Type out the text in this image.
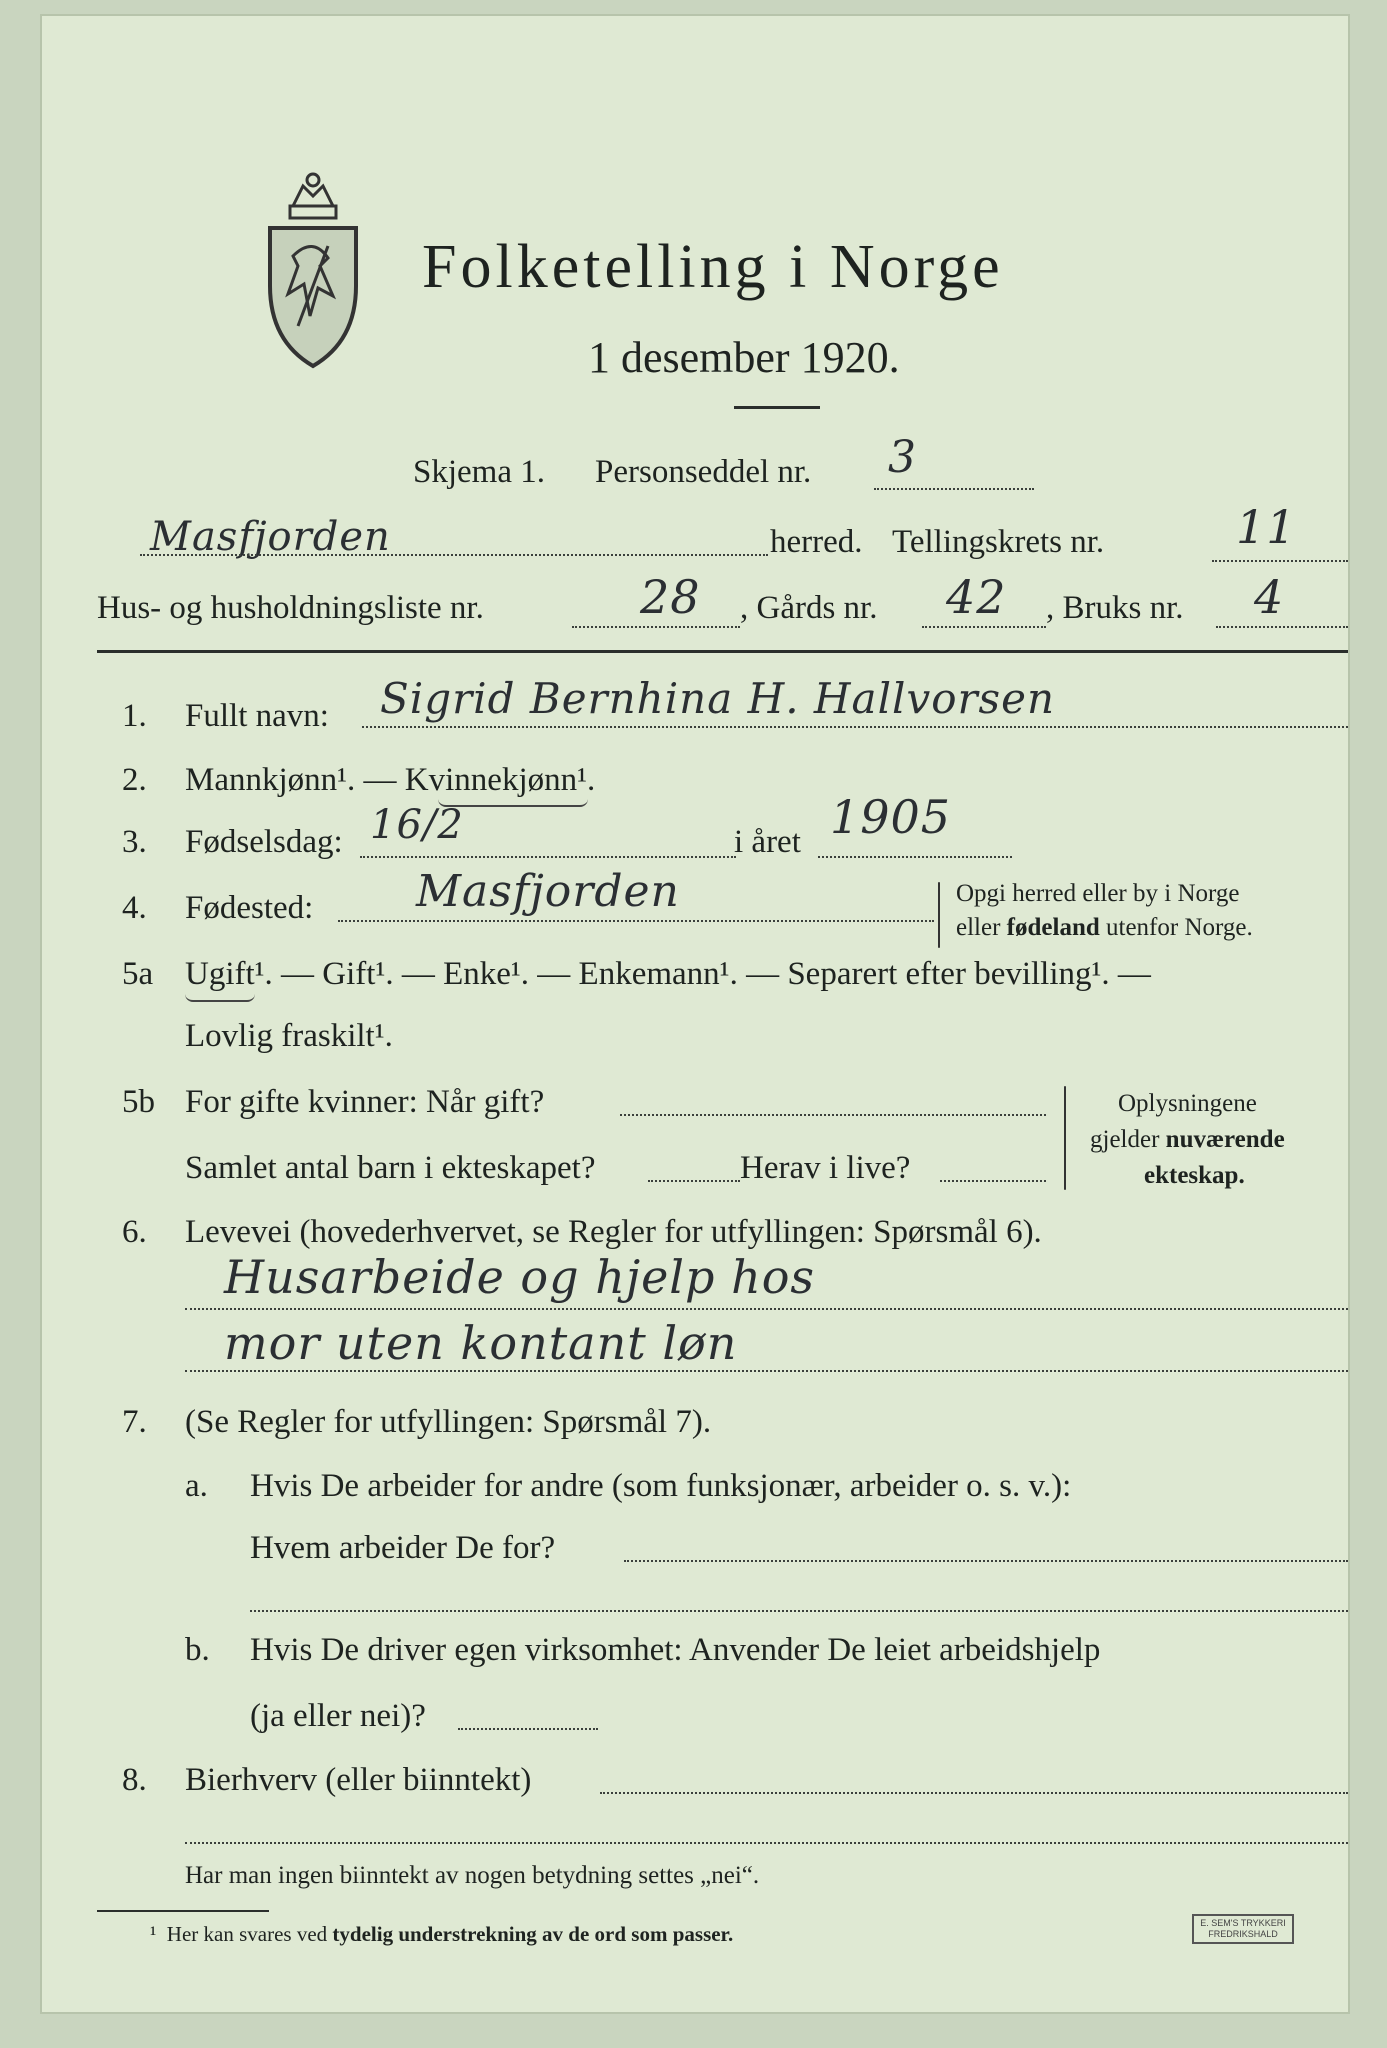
Folketelling i Norge
1 desember 1920.
Skjema 1. Personseddel nr. 3
Masfjorden	herred. Tellingskrets nr.	11
Hus- og husholdningsliste nr.	28 , Gårds nr. 42 , Bruks nr. 4
1. Fullt navn: Sigrid Bernhina H. Hallvorsen
2. Mannkjønn¹. — Kvinnekjønn¹.
3. Fødselsdag: 16/2	i året 1905
4. Fødested: Masfjorden	Opgi herred eller by i Norge
eller fødeland utenfor Norge.
5a Ugift¹. — Gift¹. — Enke¹. — Enkemann¹. — Separert efter bevilling¹. —
Lovlig fraskilt¹.
5b For gifte kvinner: Når gift?
Samlet antal barn i ekteskapet?	Herav i live?
Oplysningene
gjelder nuværende
ekteskap.
6. Levevei (hovederhvervet, se Regler for utfyllingen: Spørsmål 6).
Husarbeide og hjelp hos
mor uten kontant løn
7. (Se Regler for utfyllingen: Spørsmål 7).
a. Hvis De arbeider for andre (som funksjonær, arbeider o. s. v.):
Hvem arbeider De for?
b. Hvis De driver egen virksomhet: Anvender De leiet arbeidshjelp
(ja eller nei)?
8. Bierhverv (eller biinntekt)
Har man ingen biinntekt av nogen betydning settes „nei“.
¹ Her kan svares ved tydelig understrekning av de ord som passer.	E. SEM'S TRYKKERI FREDRIKSHALD
